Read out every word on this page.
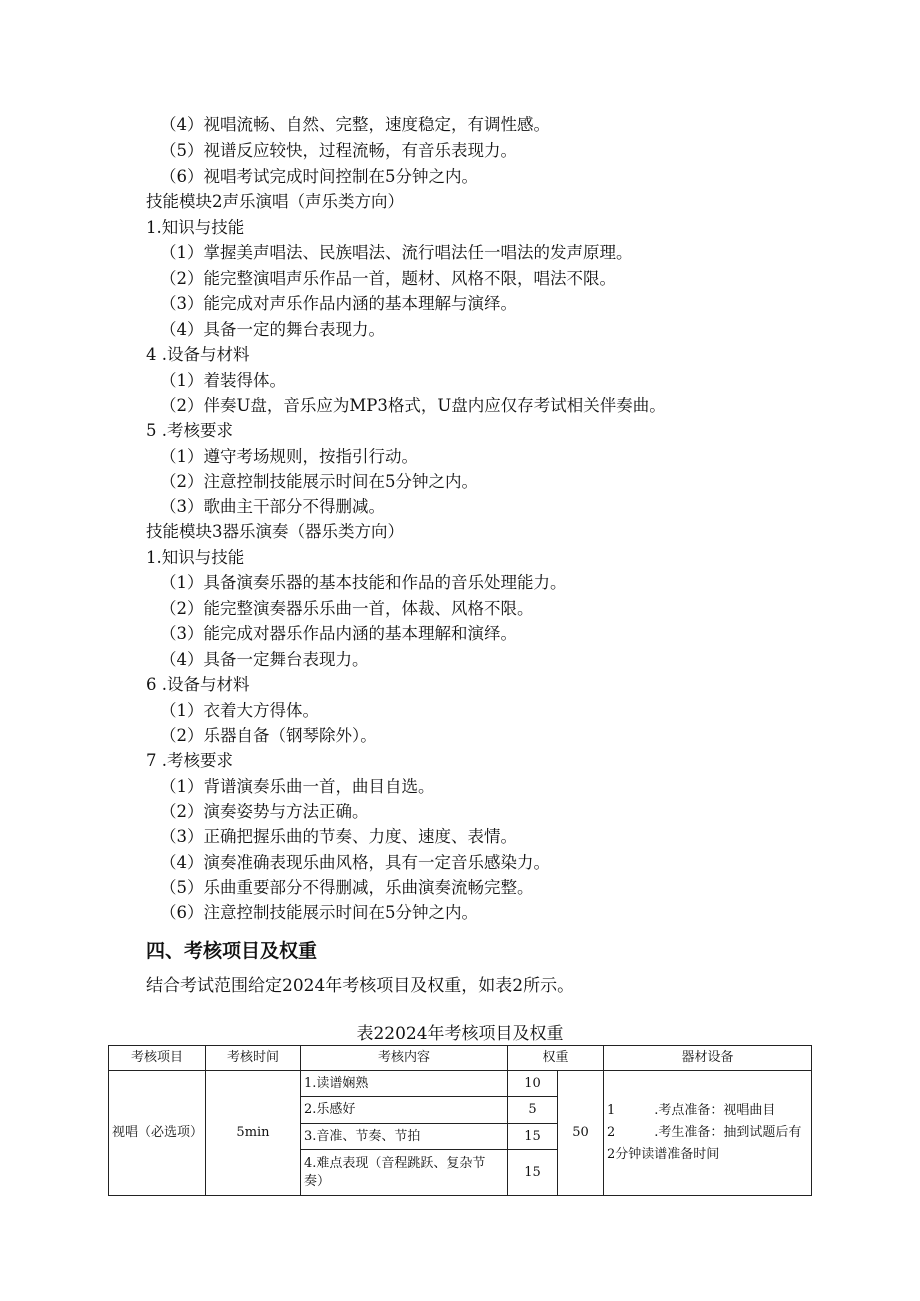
（4）视唱流畅、自然、完整，速度稳定，有调性感。
（5）视谱反应较快，过程流畅，有音乐表现力。
（6）视唱考试完成时间控制在5分钟之内。
技能模块2声乐演唱（声乐类方向）
1.知识与技能
（1）掌握美声唱法、民族唱法、流行唱法任一唱法的发声原理。
（2）能完整演唱声乐作品一首，题材、风格不限，唱法不限。
（3）能完成对声乐作品内涵的基本理解与演绎。
（4）具备一定的舞台表现力。
4 .设备与材料
（1）着装得体。
（2）伴奏U盘，音乐应为MP3格式，U盘内应仅存考试相关伴奏曲。
5 .考核要求
（1）遵守考场规则，按指引行动。
（2）注意控制技能展示时间在5分钟之内。
（3）歌曲主干部分不得删减。
技能模块3器乐演奏（器乐类方向）
1.知识与技能
（1）具备演奏乐器的基本技能和作品的音乐处理能力。
（2）能完整演奏器乐乐曲一首，体裁、风格不限。
（3）能完成对器乐作品内涵的基本理解和演绎。
（4）具备一定舞台表现力。
6 .设备与材料
（1）衣着大方得体。
（2）乐器自备（钢琴除外）。
7 .考核要求
（1）背谱演奏乐曲一首，曲目自选。
（2）演奏姿势与方法正确。
（3）正确把握乐曲的节奏、力度、速度、表情。
（4）演奏准确表现乐曲风格，具有一定音乐感染力。
（5）乐曲重要部分不得删减，乐曲演奏流畅完整。
（6）注意控制技能展示时间在5分钟之内。
四、考核项目及权重
结合考试范围给定2024年考核项目及权重，如表2所示。
表22024年考核项目及权重
考核项目	考核时间	考核内容	权重		器材设备
视唱（必选项）	5min	1.读谱娴熟	10	50	1　　　.考点准备：视唱曲目
2　　　.考生准备：抽到试题后有
2分钟读谱准备时间

		2.乐感好	5		
		3.音准、节奏、节拍	15		
		4.难点表现（音程跳跃、复杂节奏）	15		
